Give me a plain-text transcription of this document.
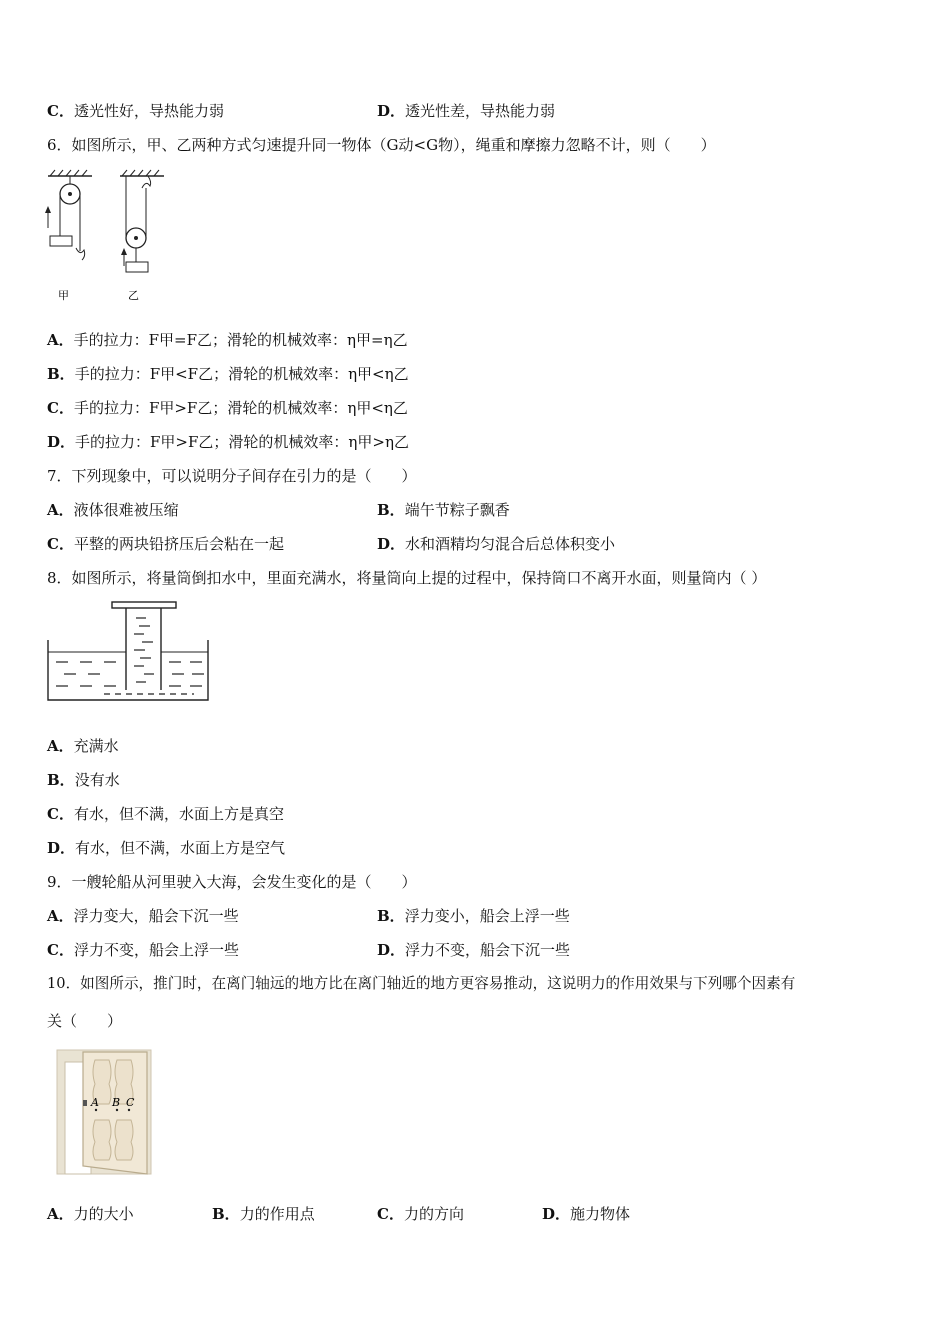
C．透光性好，导热能力弱	D．透光性差，导热能力弱
6．如图所示，甲、乙两种方式匀速提升同一物体（G动<G物），绳重和摩擦力忽略不计，则（　　）
甲	乙
A．手的拉力：F甲=F乙；滑轮的机械效率：η甲=η乙
B．手的拉力：F甲<F乙；滑轮的机械效率：η甲<η乙
C．手的拉力：F甲>F乙；滑轮的机械效率：η甲<η乙
D．手的拉力：F甲>F乙；滑轮的机械效率：η甲>η乙
7．下列现象中，可以说明分子间存在引力的是（　　）
A．液体很难被压缩	B．端午节粽子飘香
C．平整的两块铅挤压后会粘在一起	D．水和酒精均匀混合后总体积变小
8．如图所示，将量筒倒扣水中，里面充满水，将量筒向上提的过程中，保持筒口不离开水面，则量筒内（ ）
A．充满水
B．没有水
C．有水，但不满，水面上方是真空
D．有水，但不满，水面上方是空气
9．一艘轮船从河里驶入大海，会发生变化的是（　　）
A．浮力变大，船会下沉一些	B．浮力变小，船会上浮一些
C．浮力不变，船会上浮一些	D．浮力不变，船会下沉一些
10．如图所示，推门时，在离门轴远的地方比在离门轴近的地方更容易推动，这说明力的作用效果与下列哪个因素有
关（　　）
A B C
A．力的大小	B．力的作用点	C．力的方向	D．施力物体
